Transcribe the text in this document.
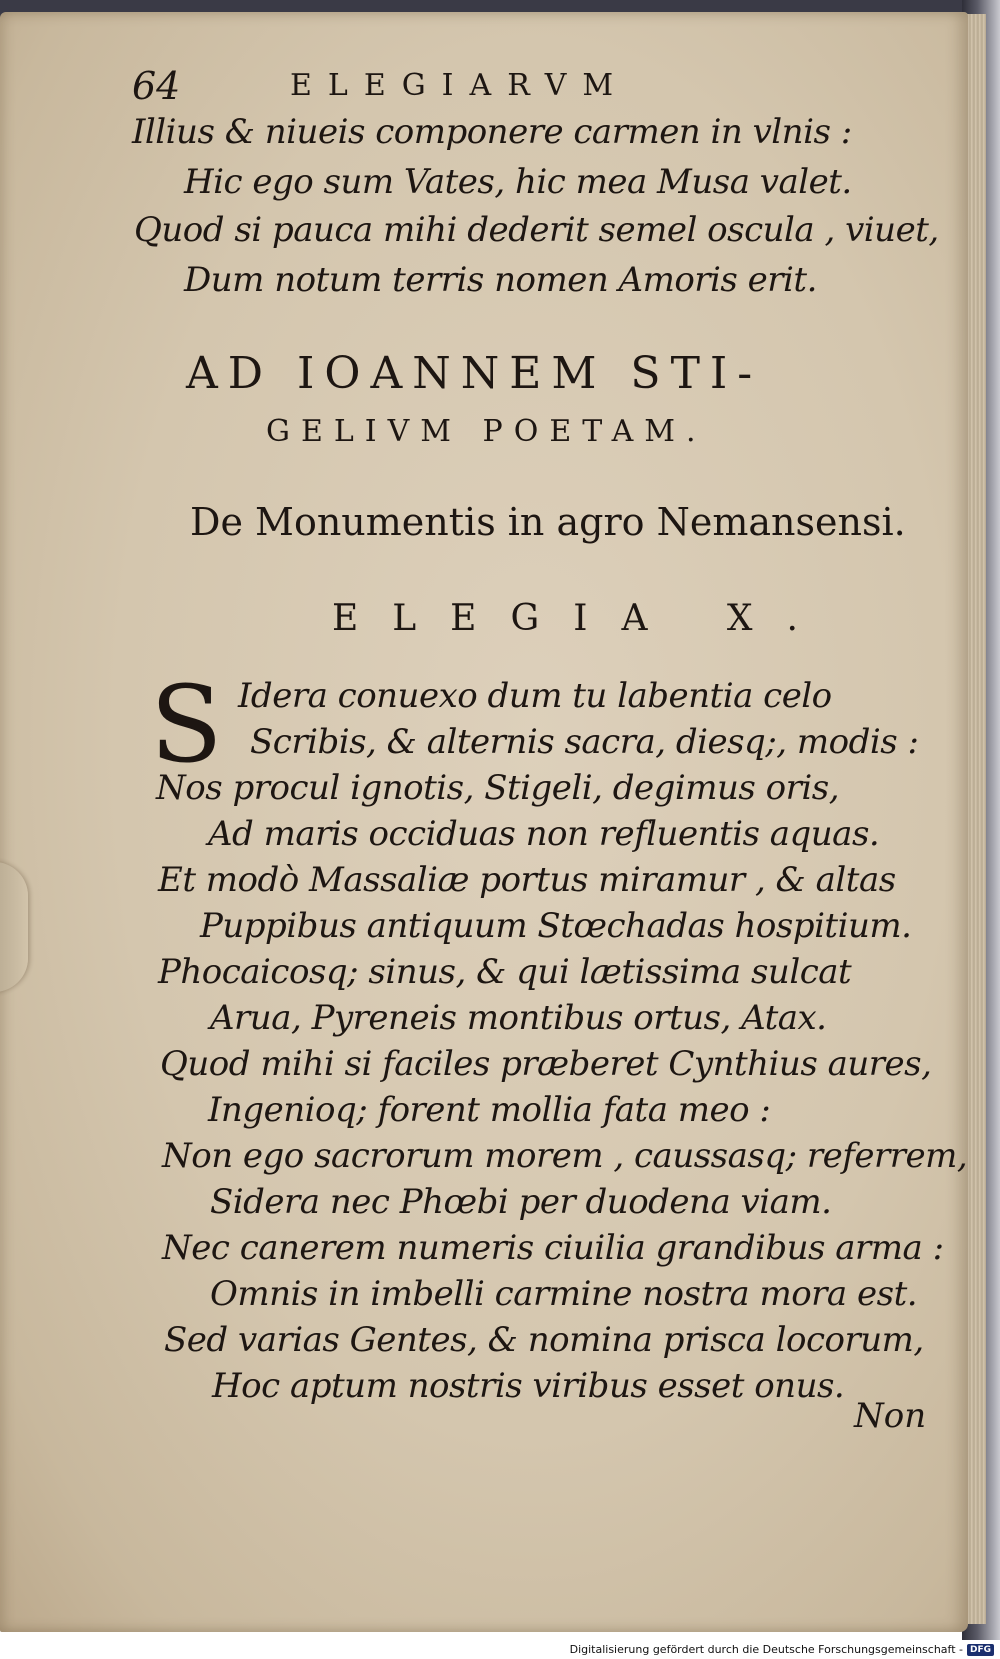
64	ELEGIARVM
Illius & niueis componere carmen in vlnis :
Hic ego sum Vates, hic mea Musa valet.
Quod si pauca mihi dederit semel oscula , viuet,
Dum notum terris nomen Amoris erit.
AD IOANNEM STI-
GELIVM POETAM.
De Monumentis in agro Nemansensi.
ELEGIA X.
S Idera conuexo dum tu labentia celo
Scribis, & alternis sacra, diesq;, modis :
Nos procul ignotis, Stigeli, degimus oris,
Ad maris occiduas non refluentis aquas.
Et modò Massaliæ portus miramur , & altas
Puppibus antiquum Stœchadas hospitium.
Phocaicosq; sinus, & qui lætissima sulcat
Arua, Pyreneis montibus ortus, Atax.
Quod mihi si faciles præberet Cynthius aures,
Ingenioq; forent mollia fata meo :
Non ego sacrorum morem , caussasq; referrem,
Sidera nec Phœbi per duodena viam.
Nec canerem numeris ciuilia grandibus arma :
Omnis in imbelli carmine nostra mora est.
Sed varias Gentes, & nomina prisca locorum,
Hoc aptum nostris viribus esset onus.
Non
Digitalisierung gefördert durch die Deutsche Forschungsgemeinschaft - DFG
